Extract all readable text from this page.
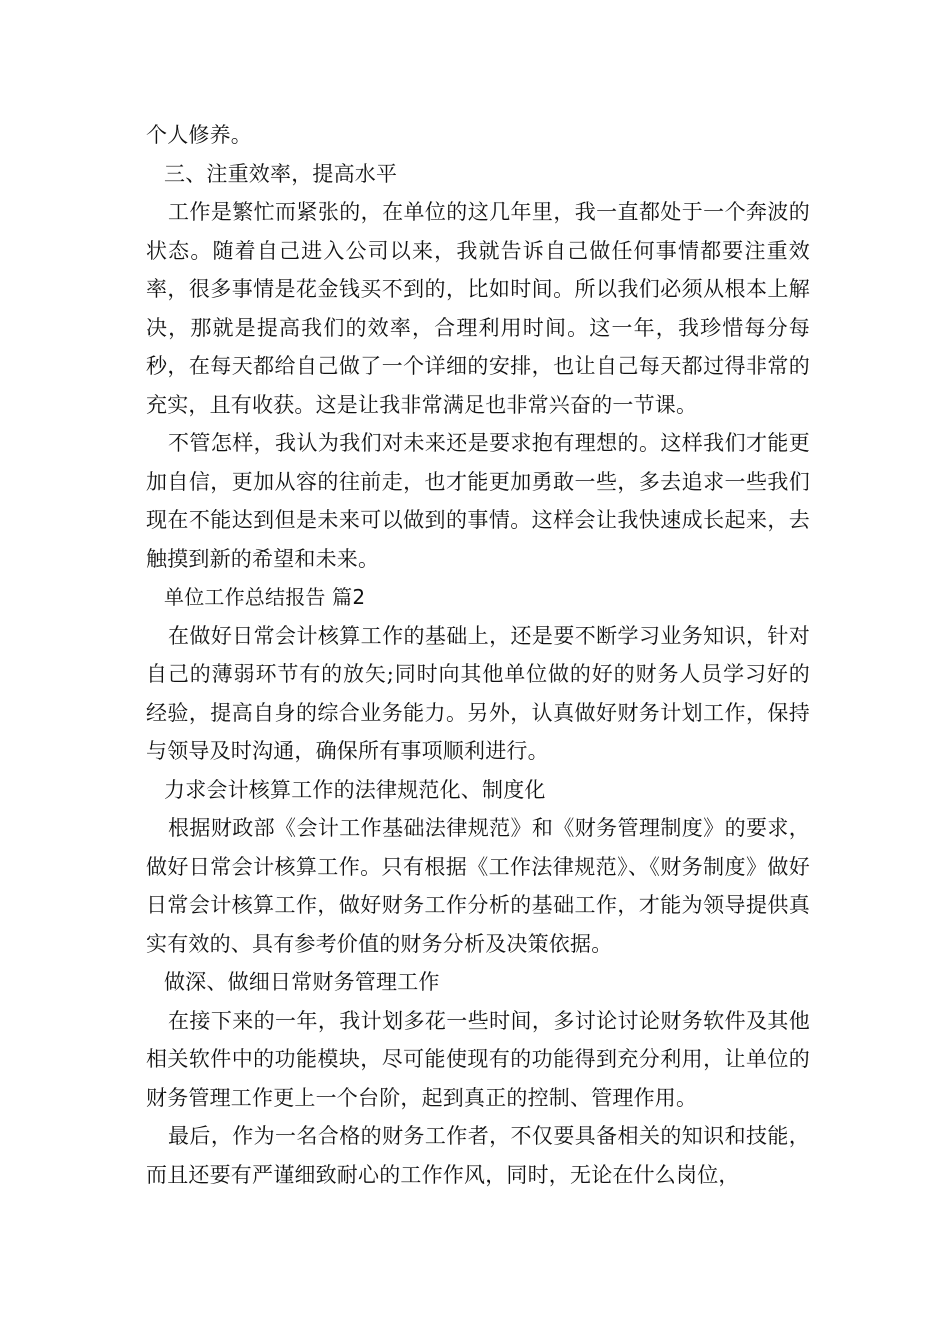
个人修养。

三、注重效率，提高水平

工作是繁忙而紧张的，在单位的这几年里，我一直都处于一个奔波的状态。随着自己进入公司以来，我就告诉自己做任何事情都要注重效率，很多事情是花金钱买不到的，比如时间。所以我们必须从根本上解决，那就是提高我们的效率，合理利用时间。这一年，我珍惜每分每秒，在每天都给自己做了一个详细的安排，也让自己每天都过得非常的充实，且有收获。这是让我非常满足也非常兴奋的一节课。

不管怎样，我认为我们对未来还是要求抱有理想的。这样我们才能更加自信，更加从容的往前走，也才能更加勇敢一些，多去追求一些我们现在不能达到但是未来可以做到的事情。这样会让我快速成长起来，去触摸到新的希望和未来。

单位工作总结报告 篇2

在做好日常会计核算工作的基础上，还是要不断学习业务知识，针对自己的薄弱环节有的放矢;同时向其他单位做的好的财务人员学习好的经验，提高自身的综合业务能力。另外，认真做好财务计划工作，保持与领导及时沟通，确保所有事项顺利进行。

力求会计核算工作的法律规范化、制度化

根据财政部《会计工作基础法律规范》和《财务管理制度》的要求，做好日常会计核算工作。只有根据《工作法律规范》、《财务制度》做好日常会计核算工作，做好财务工作分析的基础工作，才能为领导提供真实有效的、具有参考价值的财务分析及决策依据。

做深、做细日常财务管理工作

在接下来的一年，我计划多花一些时间，多讨论讨论财务软件及其他相关软件中的功能模块，尽可能使现有的功能得到充分利用，让单位的财务管理工作更上一个台阶，起到真正的控制、管理作用。

最后，作为一名合格的财务工作者，不仅要具备相关的知识和技能，而且还要有严谨细致耐心的工作作风，同时，无论在什么岗位，
